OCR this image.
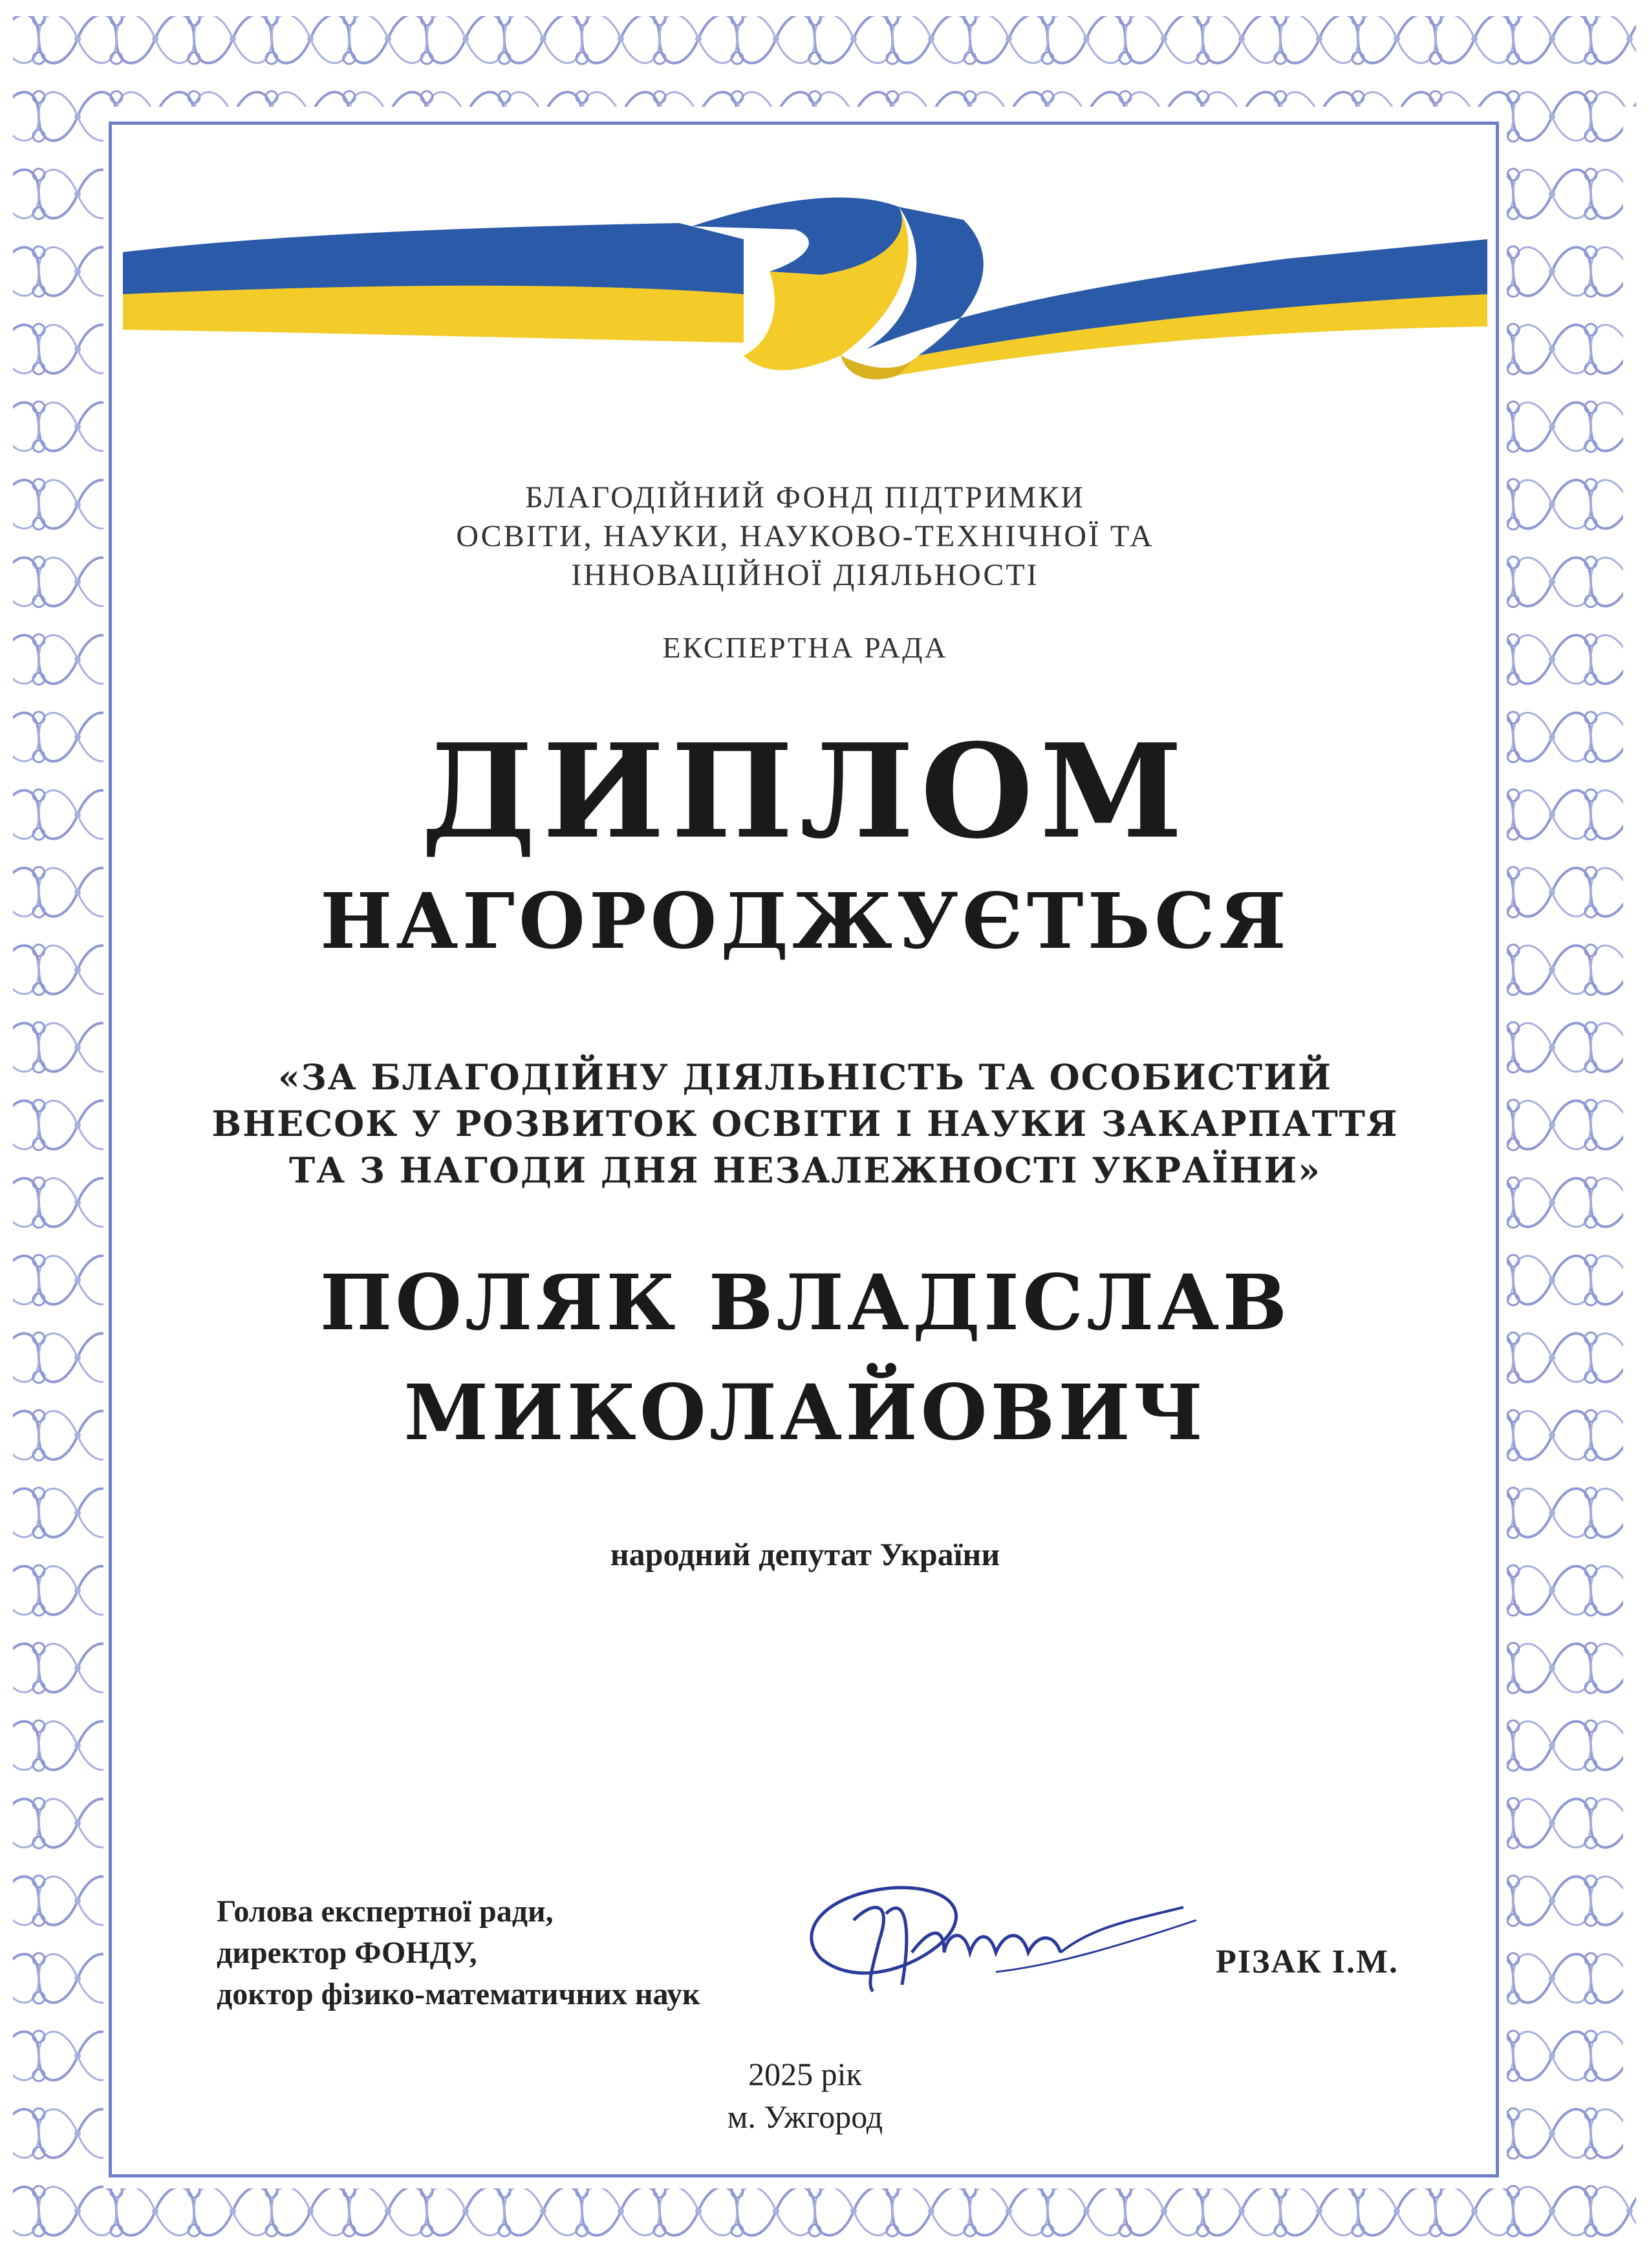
БЛАГОДІЙНИЙ ФОНД ПІДТРИМКИ
ОСВІТИ, НАУКИ, НАУКОВО-ТЕХНІЧНОЇ ТА
ІННОВАЦІЙНОЇ ДІЯЛЬНОСТІ
ЕКСПЕРТНА РАДА
ДИПЛОМ
НАГОРОДЖУЄТЬСЯ
«ЗА БЛАГОДІЙНУ ДІЯЛЬНІСТЬ ТА ОСОБИСТИЙ
ВНЕСОК У РОЗВИТОК ОСВІТИ І НАУКИ ЗАКАРПАТТЯ
ТА З НАГОДИ ДНЯ НЕЗАЛЕЖНОСТІ УКРАЇНИ»
ПОЛЯК ВЛАДІСЛАВ
МИКОЛАЙОВИЧ
народний депутат України
Голова експертної ради,
директор ФОНДУ,
доктор фізико-математичних наук
РІЗАК І.М.
2025 рік
м. Ужгород
